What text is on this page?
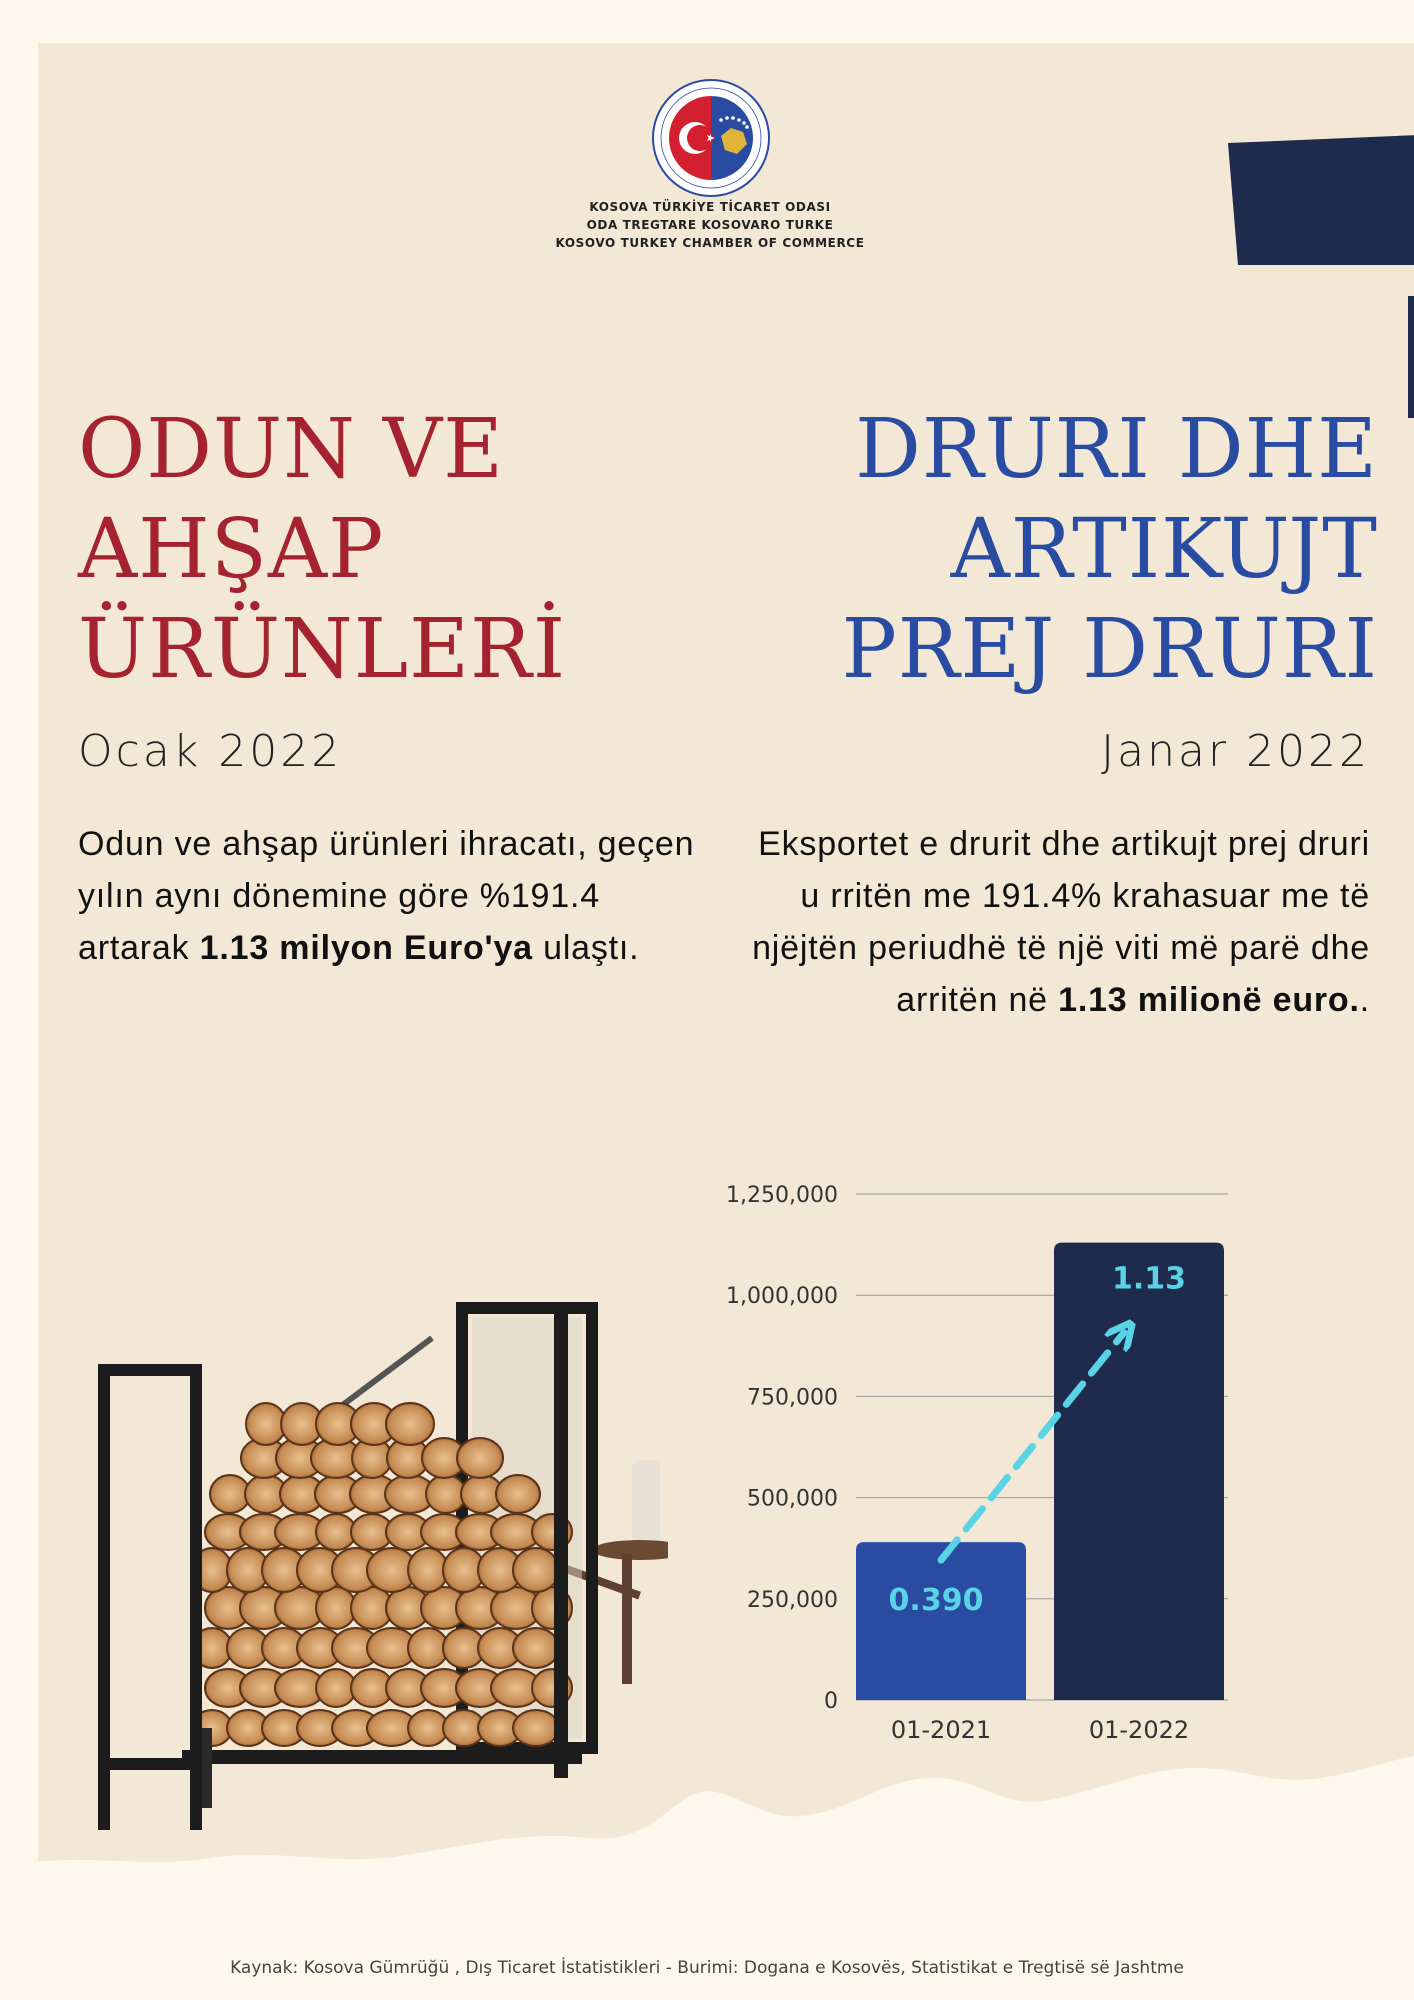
KOSOVA TÜRKİYE TİCARET ODASI
ODA TREGTARE KOSOVARO TURKE
KOSOVO TURKEY CHAMBER OF COMMERCE
ODUN VE
AHŞAP
ÜRÜNLERİ
DRURI DHE
ARTIKUJT
PREJ DRURI
Ocak 2022	Janar 2022
Odun ve ahşap ürünleri ihracatı, geçen yılın aynı dönemine göre %191.4 artarak 1.13 milyon Euro'ya ulaştı.
Eksportet e drurit dhe artikujt prej druri u rritën me 191.4% krahasuar me të njëjtën periudhë të një viti më parë dhe arritën në 1.13 milionë euro..
0
250,000
500,000
750,000
1,000,000
1,250,000
0.390
1.13
01-2021	01-2022
Kaynak: Kosova Gümrüğü , Dış Ticaret İstatistikleri - Burimi: Dogana e Kosovës, Statistikat e Tregtisë së Jashtme
